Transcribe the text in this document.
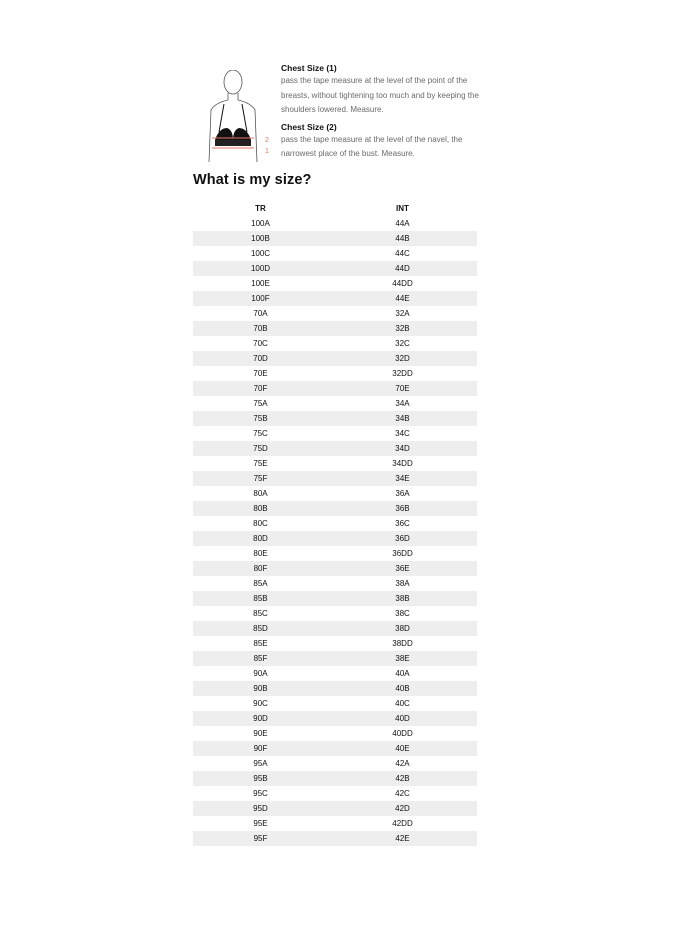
2
1

Chest Size (1)

pass the tape measure at the level of the point of the breasts, without tightening too much and by keeping the shoulders lowered. Measure.

Chest Size (2)

pass the tape measure at the level of the navel, the narrowest place of the bust. Measure.

What is my size?
TR	INT
100A	44A
100B	44B
100C	44C
100D	44D
100E	44DD
100F	44E
70A	32A
70B	32B
70C	32C
70D	32D
70E	32DD
70F	70E
75A	34A
75B	34B
75C	34C
75D	34D
75E	34DD
75F	34E
80A	36A
80B	36B
80C	36C
80D	36D
80E	36DD
80F	36E
85A	38A
85B	38B
85C	38C
85D	38D
85E	38DD
85F	38E
90A	40A
90B	40B
90C	40C
90D	40D
90E	40DD
90F	40E
95A	42A
95B	42B
95C	42C
95D	42D
95E	42DD
95F	42E
